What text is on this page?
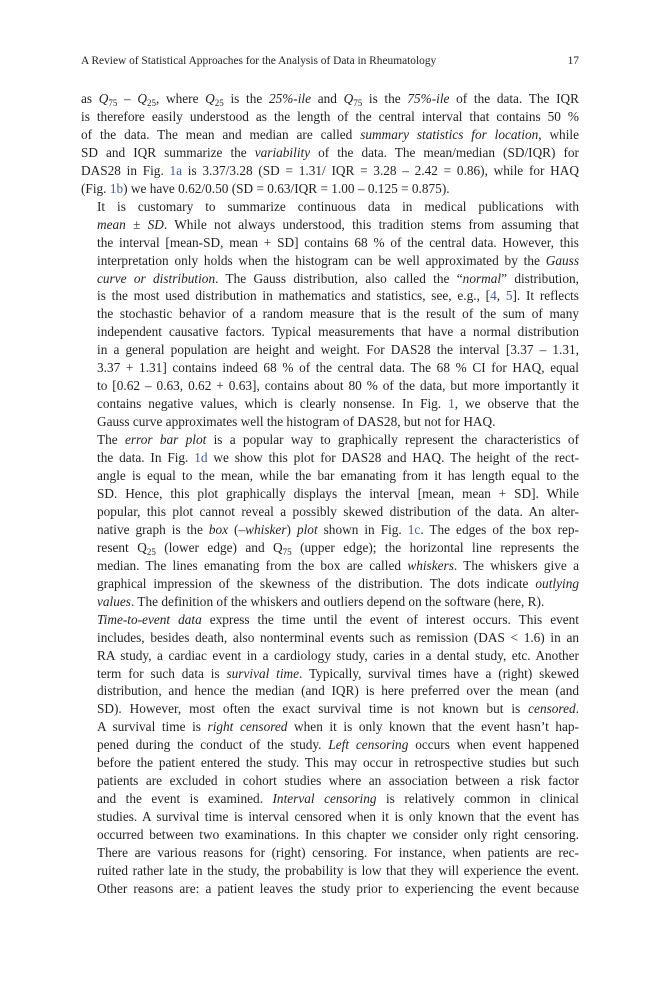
A Review of Statistical Approaches for the Analysis of Data in Rheumatology	17

as $Q_{75} - Q_{25}$, where $Q_{25}$ is the 25%-ile and $Q_{75}$ is the 75%-ile of the data. The IQR
is therefore easily understood as the length of the central interval that contains 50 %
of the data. The mean and median are called summary statistics for location, while
SD and IQR summarize the variability of the data. The mean/median (SD/IQR) for
DAS28 in Fig. 1a is 3.37/3.28 (SD = 1.31/ IQR = 3.28 – 2.42 = 0.86), while for HAQ
(Fig. 1b) we have 0.62/0.50 (SD = 0.63/IQR = 1.00 – 0.125 = 0.875).

It is customary to summarize continuous data in medical publications with
mean ± SD. While not always understood, this tradition stems from assuming that
the interval [mean-SD, mean + SD] contains 68 % of the central data. However, this
interpretation only holds when the histogram can be well approximated by the Gauss
curve or distribution. The Gauss distribution, also called the “normal” distribution,
is the most used distribution in mathematics and statistics, see, e.g., [4, 5]. It reflects
the stochastic behavior of a random measure that is the result of the sum of many
independent causative factors. Typical measurements that have a normal distribution
in a general population are height and weight. For DAS28 the interval [3.37 – 1.31,
3.37 + 1.31] contains indeed 68 % of the central data. The 68 % CI for HAQ, equal
to [0.62 – 0.63, 0.62 + 0.63], contains about 80 % of the data, but more importantly it
contains negative values, which is clearly nonsense. In Fig. 1, we observe that the
Gauss curve approximates well the histogram of DAS28, but not for HAQ.

The error bar plot is a popular way to graphically represent the characteristics of
the data. In Fig. 1d we show this plot for DAS28 and HAQ. The height of the rect-
angle is equal to the mean, while the bar emanating from it has length equal to the
SD. Hence, this plot graphically displays the interval [mean, mean + SD]. While
popular, this plot cannot reveal a possibly skewed distribution of the data. An alter-
native graph is the box (–whisker) plot shown in Fig. 1c. The edges of the box rep-
resent $Q_{25}$ (lower edge) and $Q_{75}$ (upper edge); the horizontal line represents the
median. The lines emanating from the box are called whiskers. The whiskers give a
graphical impression of the skewness of the distribution. The dots indicate outlying
values. The definition of the whiskers and outliers depend on the software (here, R).

Time-to-event data express the time until the event of interest occurs. This event
includes, besides death, also nonterminal events such as remission (DAS < 1.6) in an
RA study, a cardiac event in a cardiology study, caries in a dental study, etc. Another
term for such data is survival time. Typically, survival times have a (right) skewed
distribution, and hence the median (and IQR) is here preferred over the mean (and
SD). However, most often the exact survival time is not known but is censored.
A survival time is right censored when it is only known that the event hasn’t hap-
pened during the conduct of the study. Left censoring occurs when event happened
before the patient entered the study. This may occur in retrospective studies but such
patients are excluded in cohort studies where an association between a risk factor
and the event is examined. Interval censoring is relatively common in clinical
studies. A survival time is interval censored when it is only known that the event has
occurred between two examinations. In this chapter we consider only right censoring.
There are various reasons for (right) censoring. For instance, when patients are rec-
ruited rather late in the study, the probability is low that they will experience the event.
Other reasons are: a patient leaves the study prior to experiencing the event because
